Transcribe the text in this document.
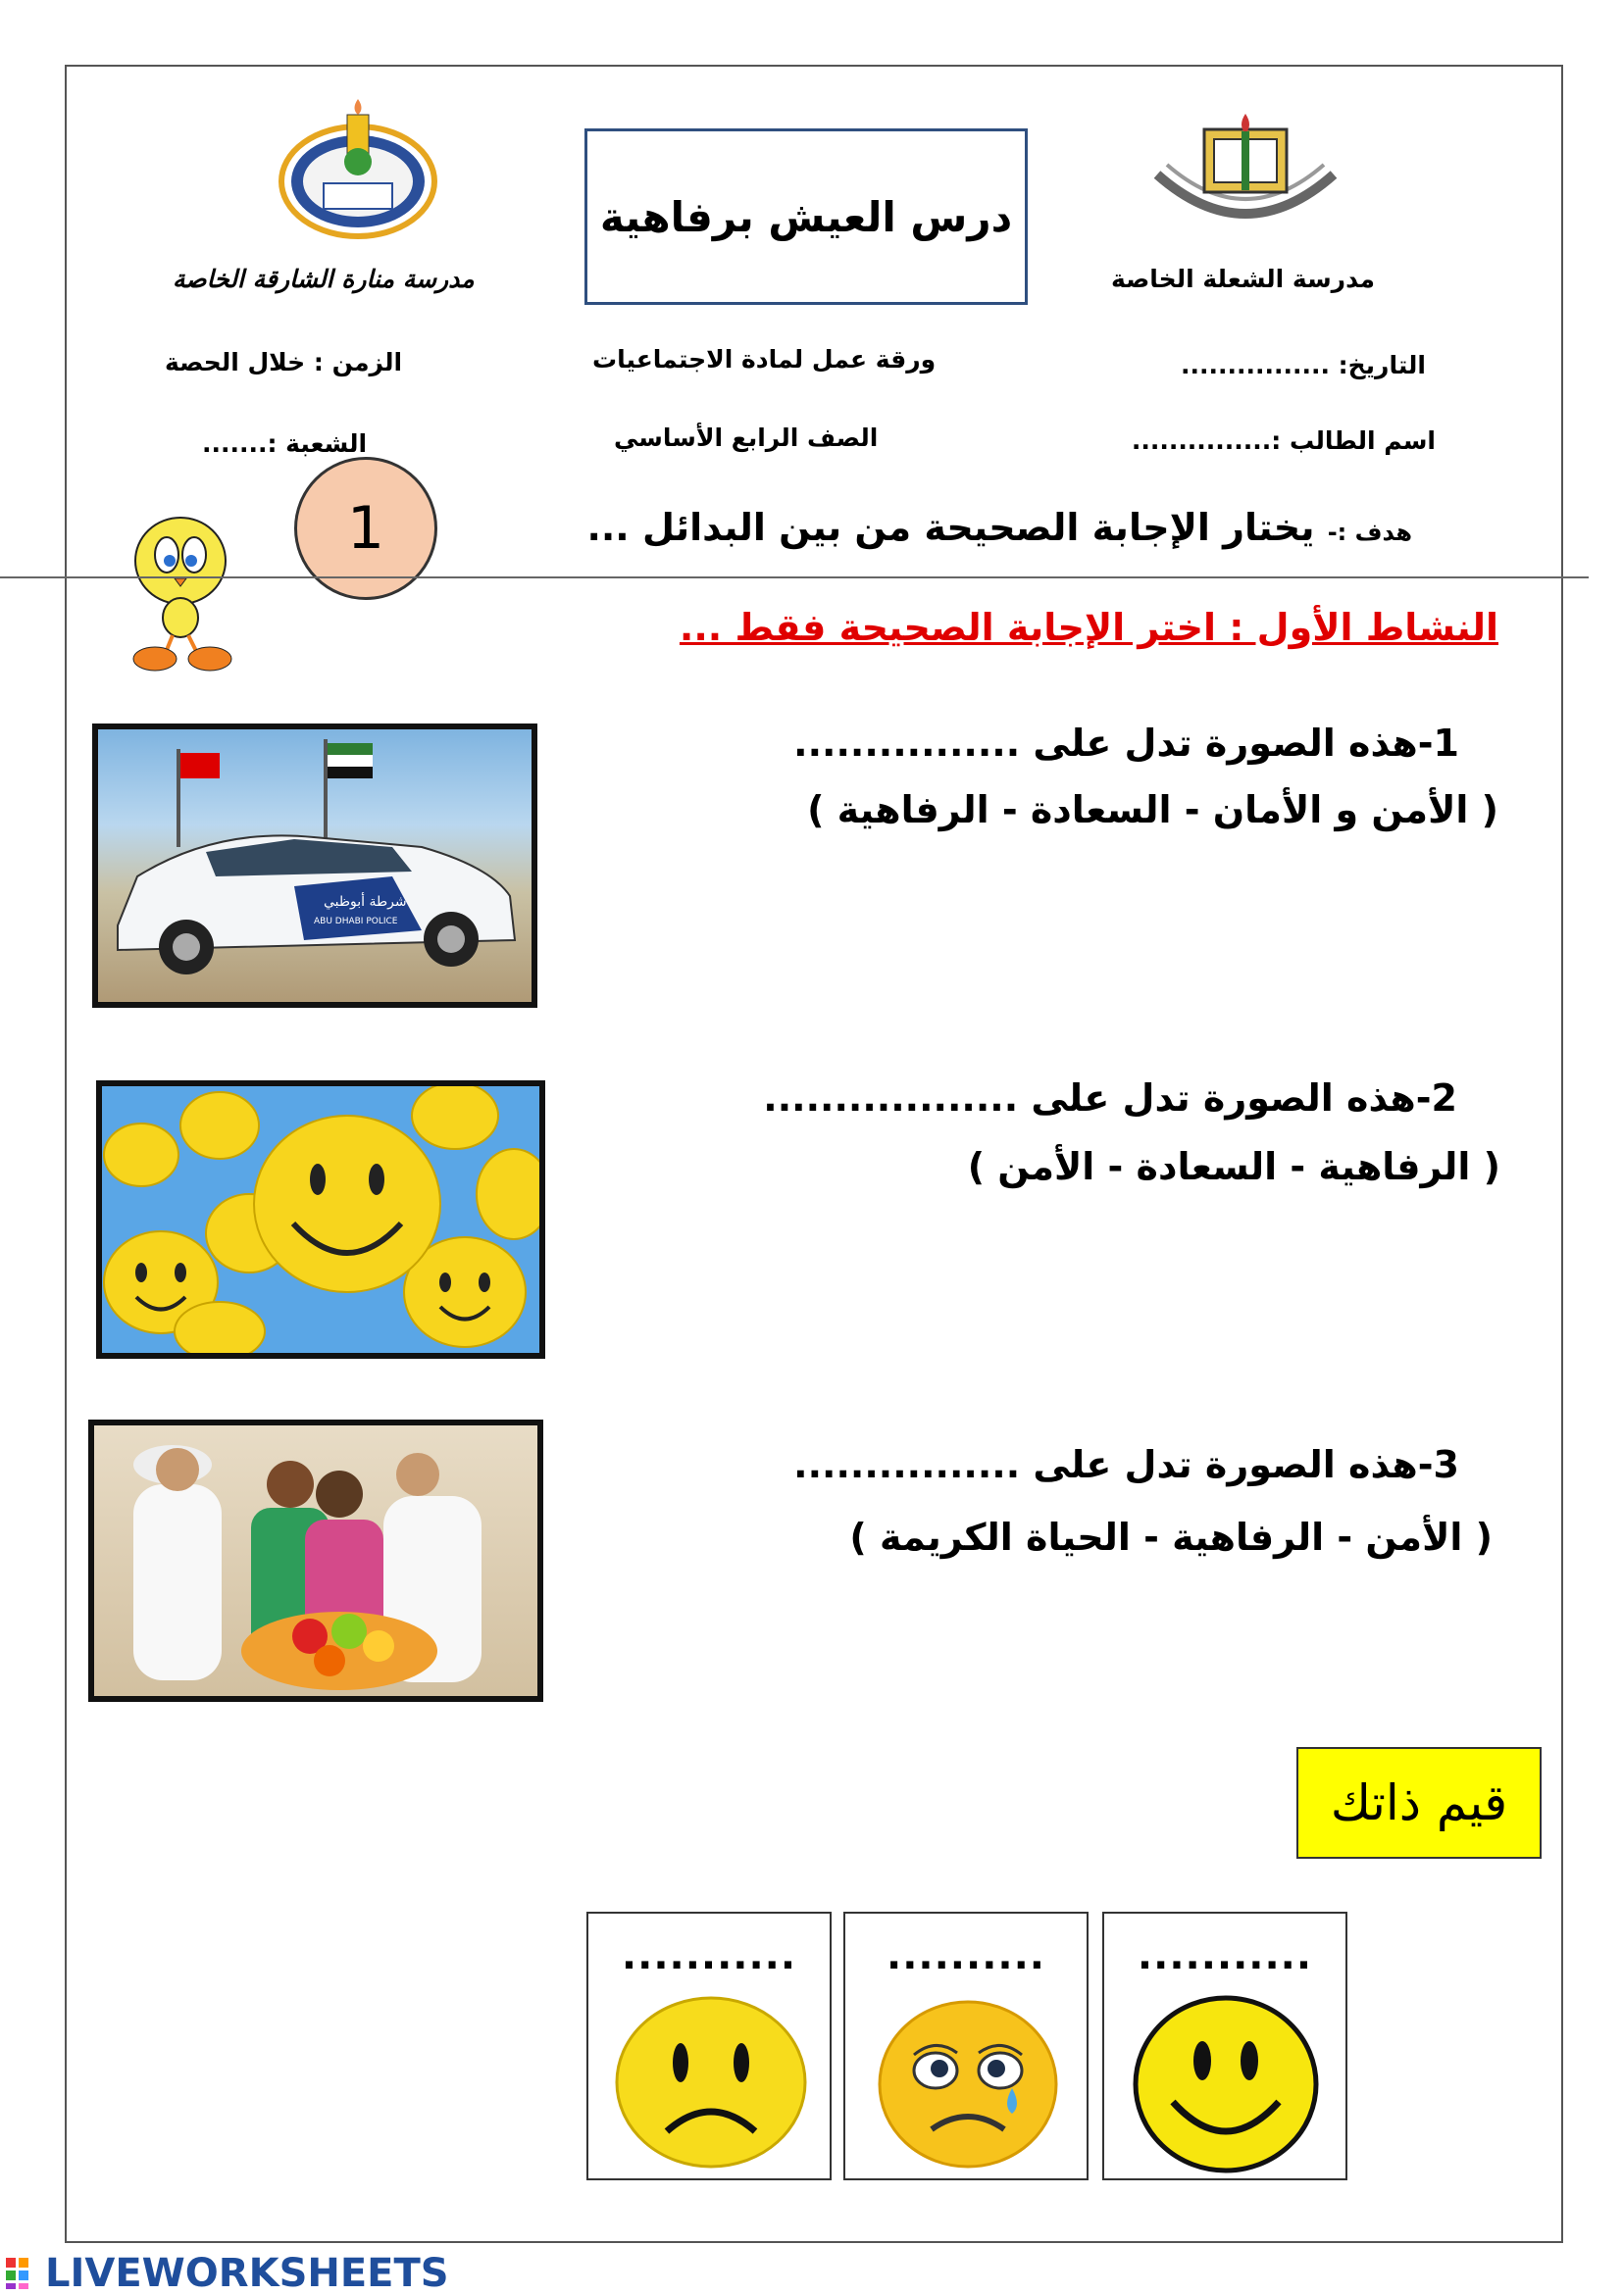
درس العيش برفاهية
مدرسة الشعلة الخاصة
مدرسة منارة الشارقة الخاصة
التاريخ: ................
ورقة عمل لمادة الاجتماعيات
الزمن : خلال الحصة
اسم الطالب :...............
الصف الرابع الأساسي
الشعبة :.......
هدف :- يختار الإجابة الصحيحة من بين البدائل ...
1
النشاط الأول : اختر الإجابة الصحيحة فقط ...
1-هذه الصورة تدل على ................
( الأمن و الأمان - السعادة - الرفاهية )
شرطة أبوظبي
ABU DHABI POLICE
2-هذه الصورة تدل على ..................
( الرفاهية - السعادة - الأمن )
3-هذه الصورة تدل على ................
( الأمن - الرفاهية - الحياة الكريمة )
قيم ذاتك
...........	..........	...........
LIVEWORKSHEETS
